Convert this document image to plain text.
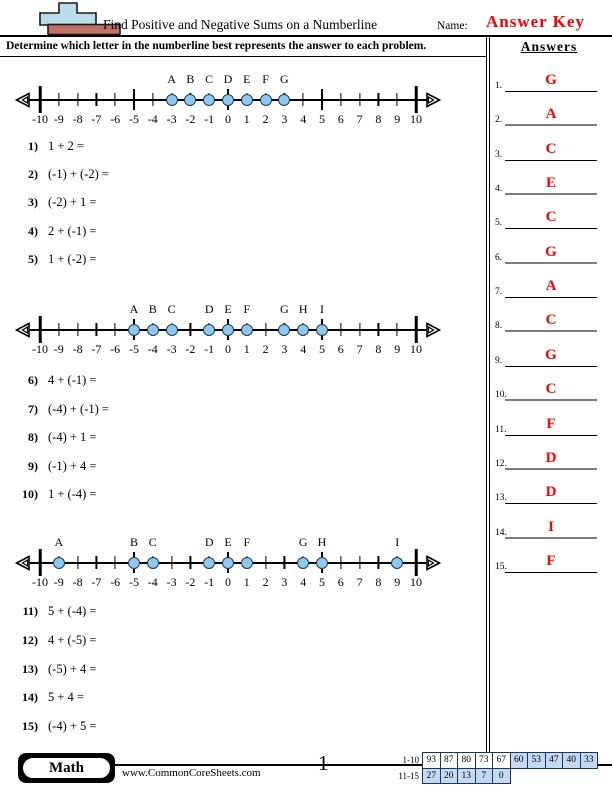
Find Positive and Negative Sums on a Numberline	Name: Answer Key
Determine which letter in the numberline best represents the answer to each problem.	Answers
-10 -9 -8 -7 -6 -5 -4 -3 -2 -1 0 1 2 3 4 5 6 7 8 9 10
A B C D E F G
-10 -9 -8 -7 -6 -5 -4 -3 -2 -1 0 1 2 3 4 5 6 7 8 9 10
A B C D E F G H I
-10 -9 -8 -7 -6 -5 -4 -3 -2 -1 0 1 2 3 4 5 6 7 8 9 10
A	B C	D E F	G H	I
1) 1 + 2 =
2) (-1) + (-2) =
3) (-2) + 1 =
4) 2 + (-1) =
5) 1 + (-2) =
6) 4 + (-1) =
7) (-4) + (-1) =
8) (-4) + 1 =
9) (-1) + 4 =
10) 1 + (-4) =
11) 5 + (-4) =
12) 4 + (-5) =
13) (-5) + 4 =
14) 5 + 4 =
15) (-4) + 5 =
1.	G
2.	A
3.	C
4.	E
5.	C
6.	G
7.	A
8.	C
9.	G
10.	C
11.	F
12.	D
13.	D
14.	I
15.	F
Math	www.CommonCoreSheets.com	1	1-10 93 87 80 73 67 60 53 47 40 33
11-15 27 20 13	7	0
